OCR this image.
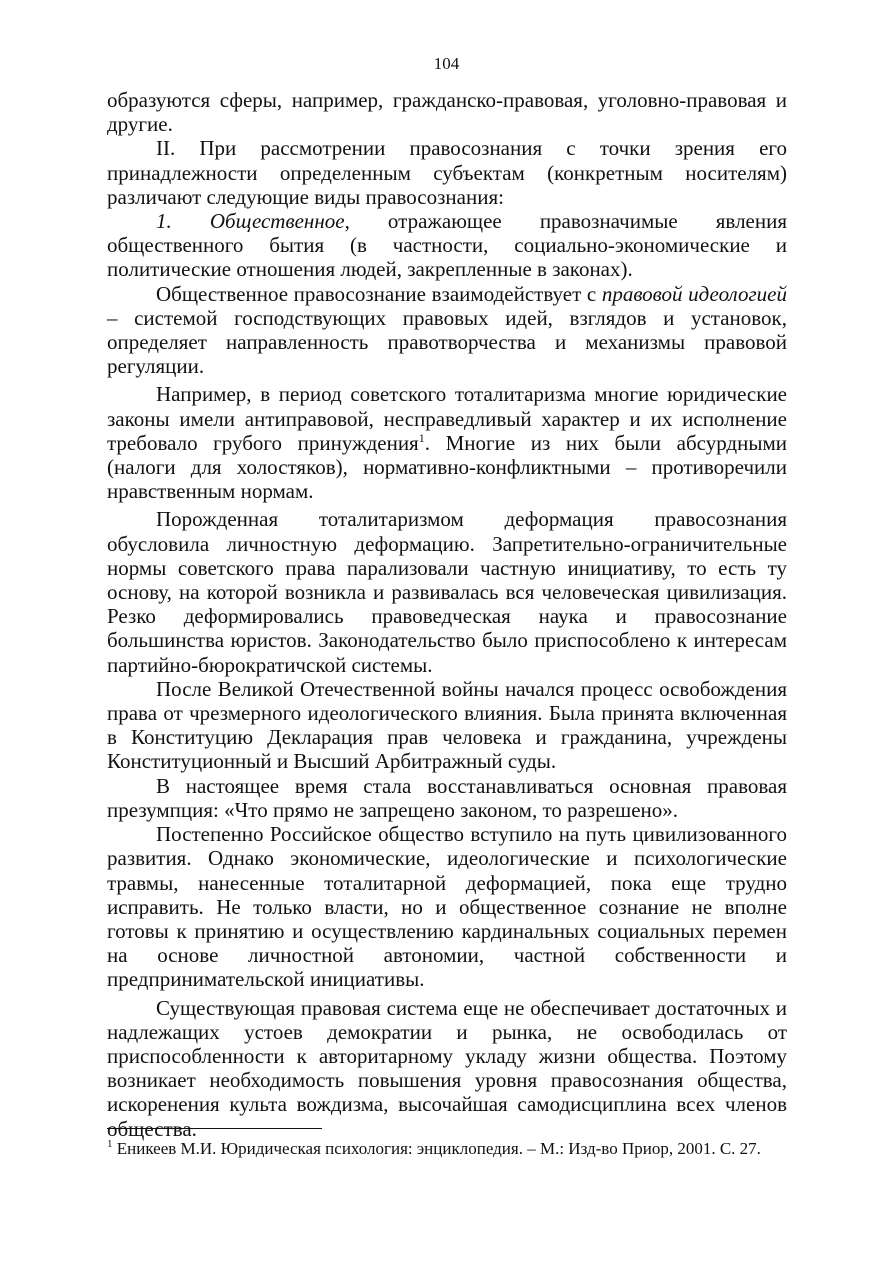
104

образуются сферы, например, гражданско-правовая, уголовно-правовая и другие.

II. При рассмотрении правосознания с точки зрения его принадлежности определенным субъектам (конкретным носителям) различают следующие виды правосознания:

1. Общественное, отражающее правозначимые явления общественного бытия (в частности, социально-экономические и политические отношения людей, закрепленные в законах).

Общественное правосознание взаимодействует с правовой идеологией – системой господствующих правовых идей, взглядов и установок, определяет направленность правотворчества и механизмы правовой регуляции.

Например, в период советского тоталитаризма многие юридические законы имели антиправовой, несправедливый характер и их исполнение требовало грубого принуждения$^1$. Многие из них были абсурдными (налоги для холостяков), нормативно-конфликтными – противоречили нравственным нормам.

Порожденная тоталитаризмом деформация правосознания обусловила личностную деформацию. Запретительно-ограничительные нормы советского права парализовали частную инициативу, то есть ту основу, на которой возникла и развивалась вся человеческая цивилизация. Резко деформировались правоведческая наука и правосознание большинства юристов. Законодательство было приспособлено к интересам партийно-бюрократичской системы.

После Великой Отечественной войны начался процесс освобождения права от чрезмерного идеологического влияния. Была принята включенная в Конституцию Декларация прав человека и гражданина, учреждены Конституционный и Высший Арбитражный суды.

В настоящее время стала восстанавливаться основная правовая презумпция: «Что прямо не запрещено законом, то разрешено».

Постепенно Российское общество вступило на путь цивилизованного развития. Однако экономические, идеологические и психологические травмы, нанесенные тоталитарной деформацией, пока еще трудно исправить. Не только власти, но и общественное сознание не вполне готовы к принятию и осуществлению кардинальных социальных перемен на основе личностной автономии, частной собственности и предпринимательской инициативы.

Существующая правовая система еще не обеспечивает достаточных и надлежащих устоев демократии и рынка, не освободилась от приспособленности к авторитарному укладу жизни общества. Поэтому возникает необходимость повышения уровня правосознания общества, искоренения культа вождизма, высочайшая самодисциплина всех членов общества.

$^1$ Еникеев М.И. Юридическая психология: энциклопедия. – М.: Изд-во Приор, 2001. С. 27.
